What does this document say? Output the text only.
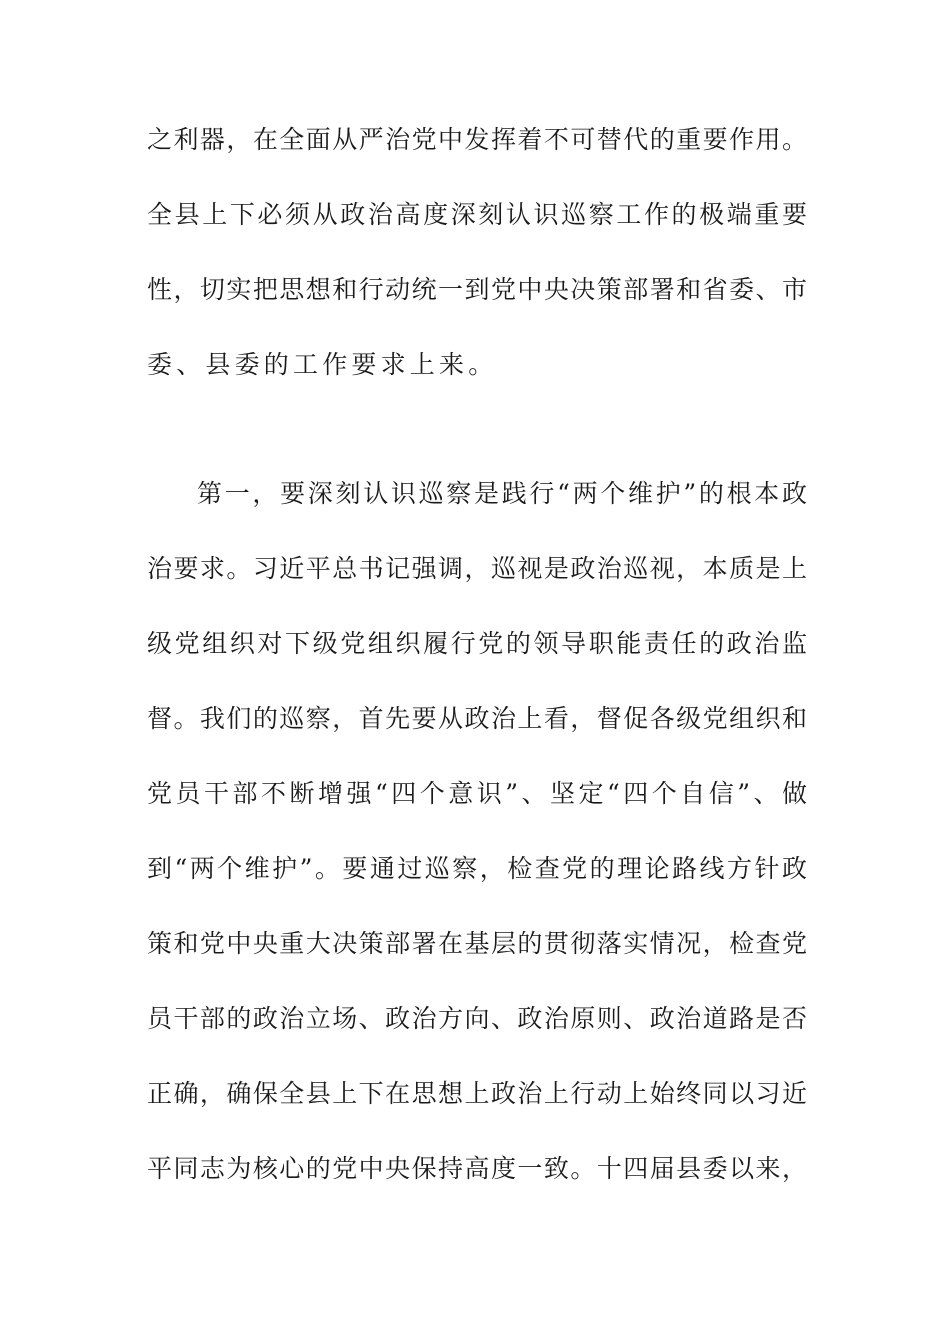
之利器，在全面从严治党中发挥着不可替代的重要作用。
全县上下必须从政治高度深刻认识巡察工作的极端重要
性，切实把思想和行动统一到党中央决策部署和省委、市
委、县委的工作要求上来。
第一，要深刻认识巡察是践行“两个维护”的根本政
治要求。习近平总书记强调，巡视是政治巡视，本质是上
级党组织对下级党组织履行党的领导职能责任的政治监
督。我们的巡察，首先要从政治上看，督促各级党组织和
党员干部不断增强“四个意识”、坚定“四个自信”、做
到“两个维护”。要通过巡察，检查党的理论路线方针政
策和党中央重大决策部署在基层的贯彻落实情况，检查党
员干部的政治立场、政治方向、政治原则、政治道路是否
正确，确保全县上下在思想上政治上行动上始终同以习近
平同志为核心的党中央保持高度一致。十四届县委以来，
